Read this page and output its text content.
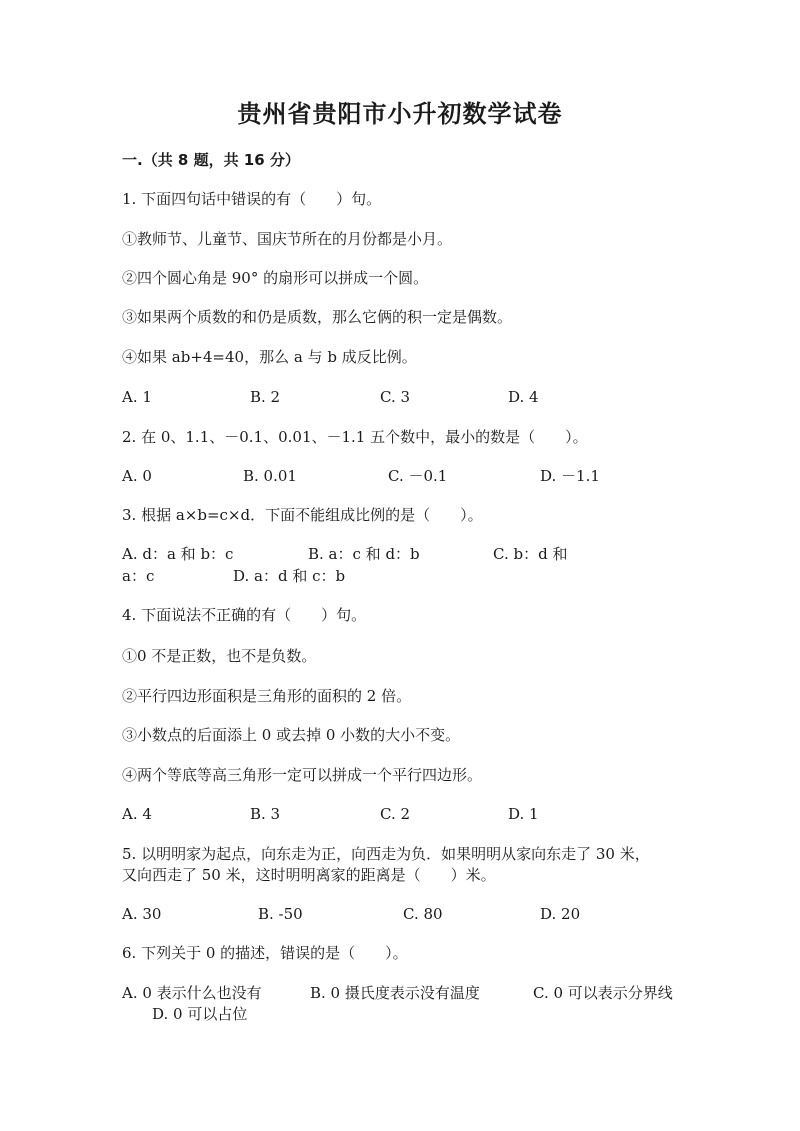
贵州省贵阳市小升初数学试卷
一.（共 8 题，共 16 分）
1. 下面四句话中错误的有（　　）句。
①教师节、儿童节、国庆节所在的月份都是小月。
②四个圆心角是 90° 的扇形可以拼成一个圆。
③如果两个质数的和仍是质数，那么它俩的积一定是偶数。
④如果 ab+4=40，那么 a 与 b 成反比例。
A. 1	B. 2	C. 3	D. 4
2. 在 0、1.1、－0.1、0.01、－1.1 五个数中，最小的数是（　　）。
A. 0	B. 0.01	C. －0.1	D. －1.1
3. 根据 a×b=c×d．下面不能组成比例的是（　　）。
A. d：a 和 b：c	B. a：c 和 d：b	C. b：d 和
a：c	D. a：d 和 c：b
4. 下面说法不正确的有（　　）句。
①0 不是正数，也不是负数。
②平行四边形面积是三角形的面积的 2 倍。
③小数点的后面添上 0 或去掉 0 小数的大小不变。
④两个等底等高三角形一定可以拼成一个平行四边形。
A. 4	B. 3	C. 2	D. 1
5. 以明明家为起点，向东走为正，向西走为负．如果明明从家向东走了 30 米，
又向西走了 50 米，这时明明离家的距离是（　　）米。
A. 30	B. -50	C. 80	D. 20
6. 下列关于 0 的描述，错误的是（　　）。
A. 0 表示什么也没有	B. 0 摄氏度表示没有温度	C. 0 可以表示分界线
D. 0 可以占位
